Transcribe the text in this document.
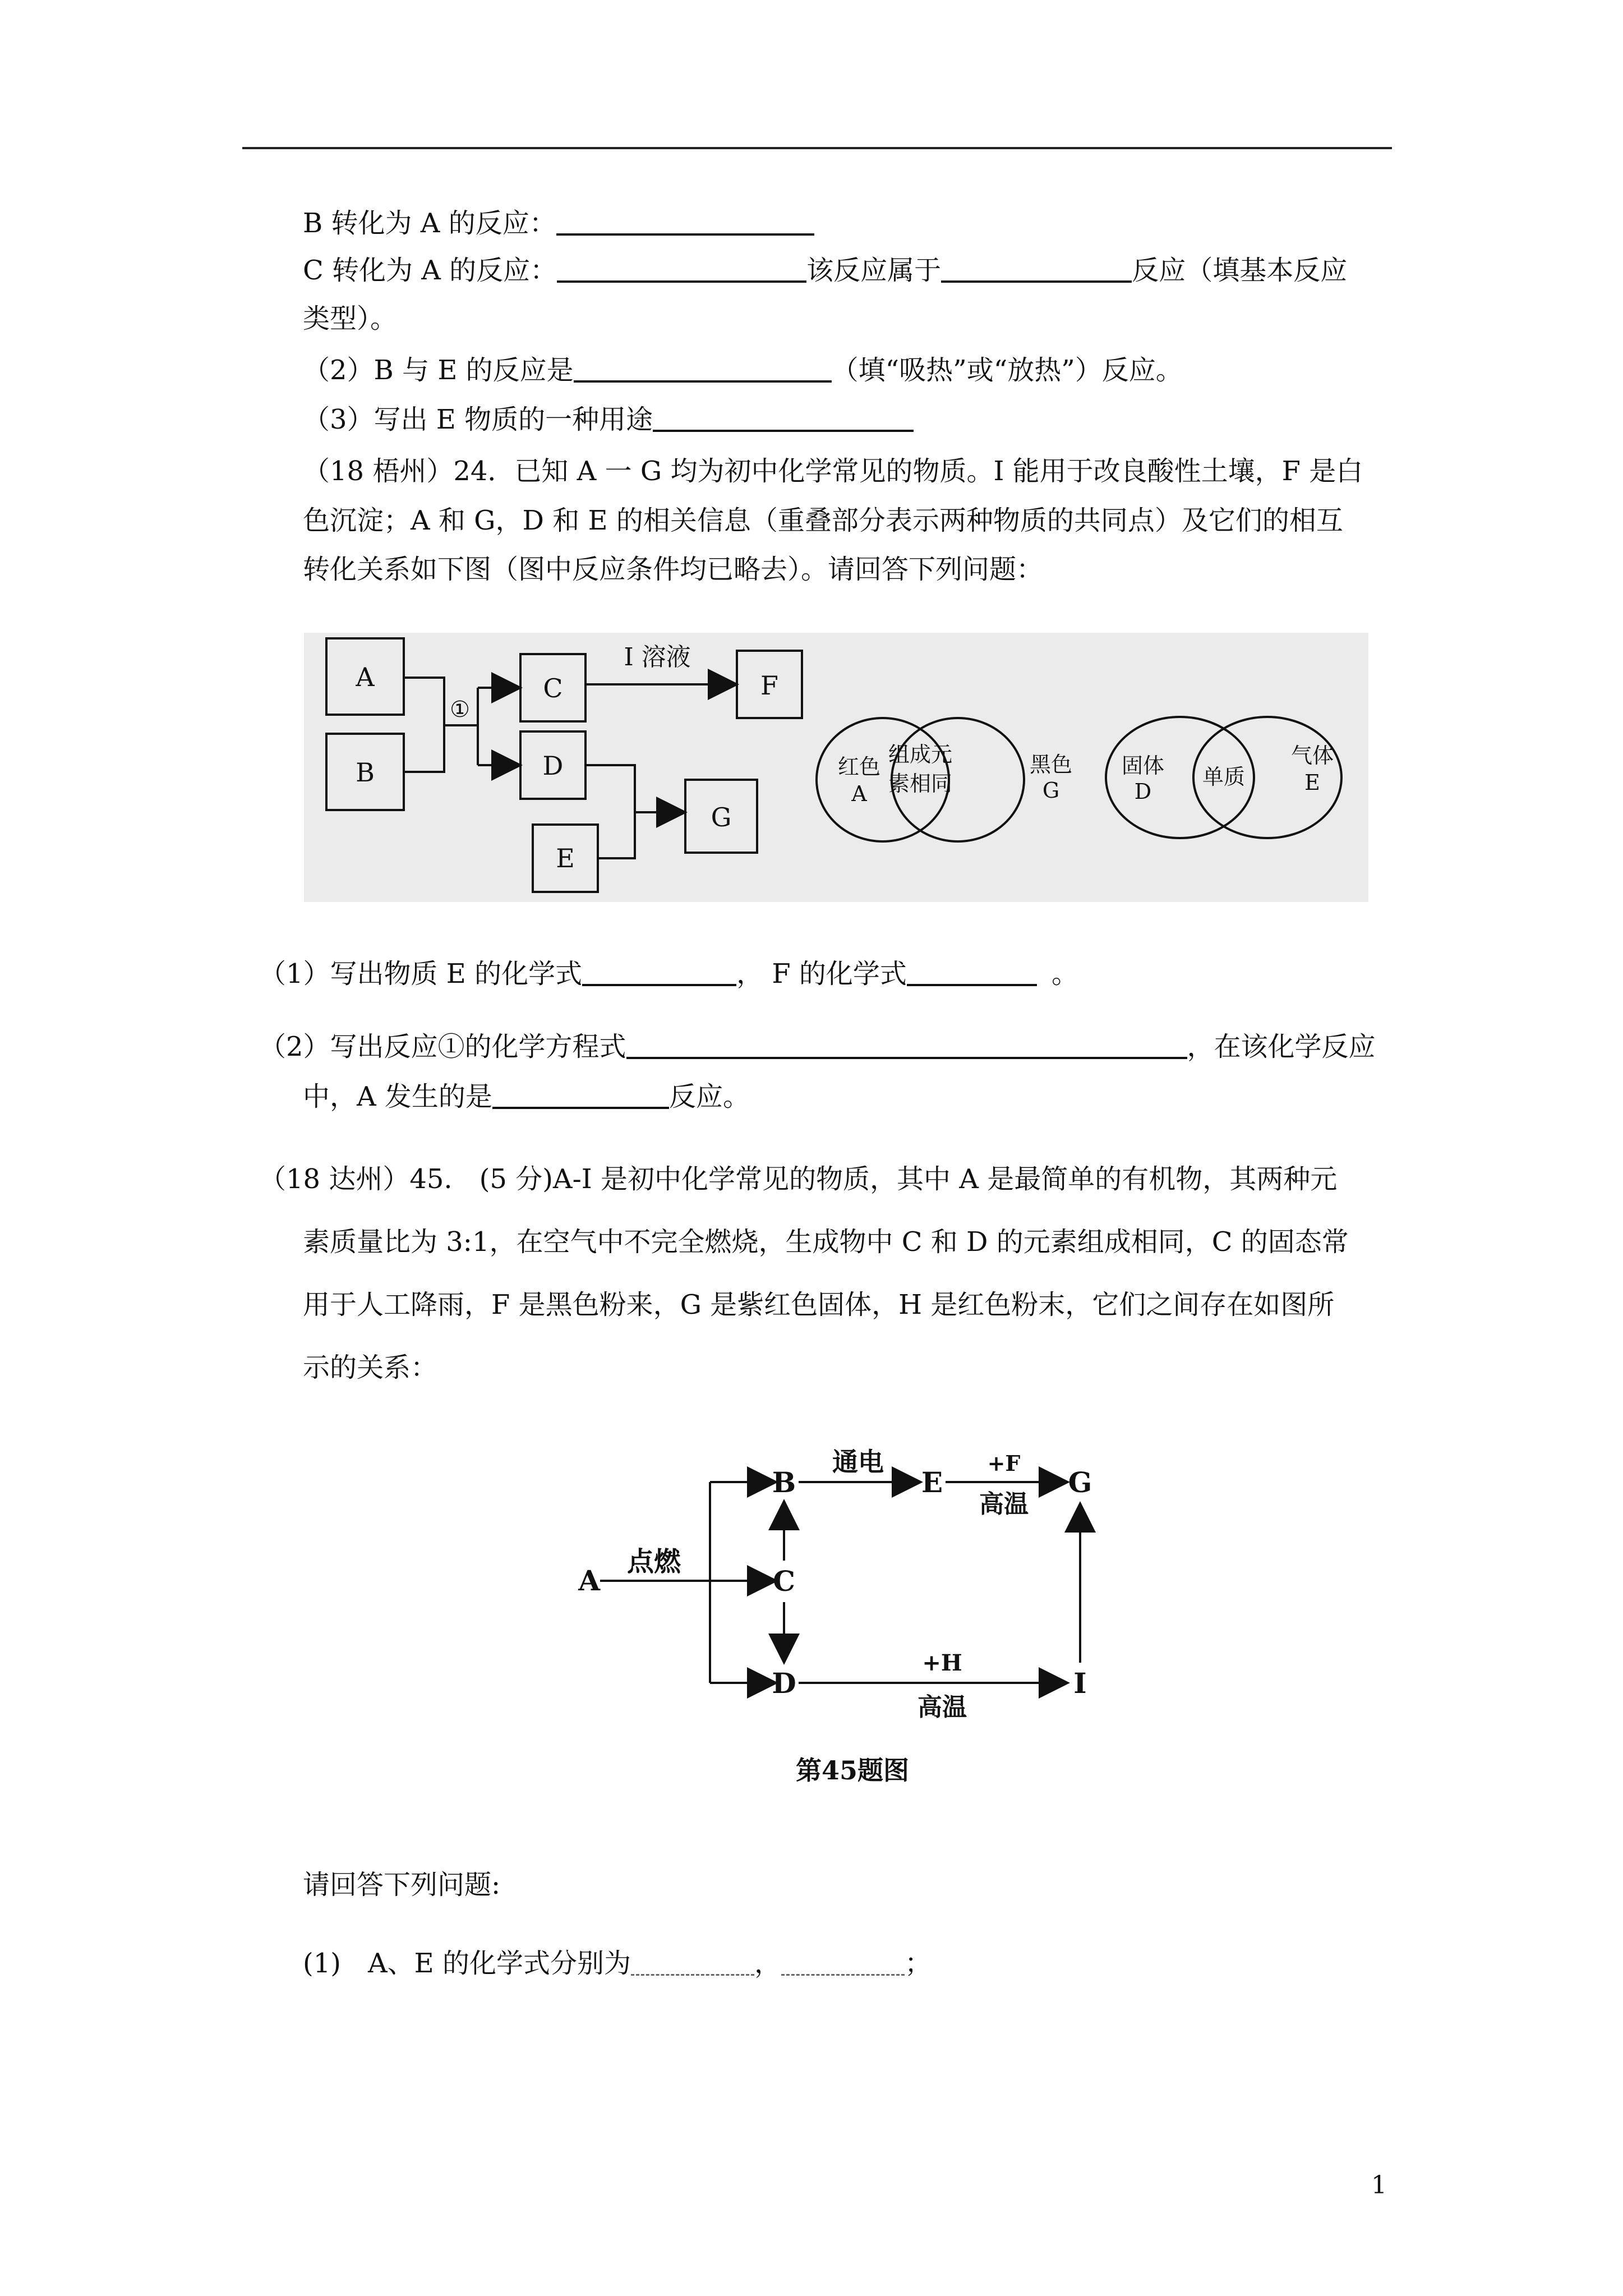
B 转化为 A 的反应：
C 转化为 A 的反应：	该反应属于	反应（填基本反应
类型）。
（2）B 与 E 的反应是	（填“吸热”或“放热”）反应。
（3）写出 E 物质的一种用途
（18 梧州）24．已知 A 一 G 均为初中化学常见的物质。I 能用于改良酸性土壤，F 是白
色沉淀；A 和 G，D 和 E 的相关信息（重叠部分表示两种物质的共同点）及它们的相互
转化关系如下图（图中反应条件均已略去）。请回答下列问题：
A
B
C
D
E
F
G
①
I 溶液
红色
A
组成元
素相同
黑色
G
固体
D
单质
气体
E
（1）写出物质 E 的化学式	， F 的化学式	。
（2）写出反应①的化学方程式	，在该化学反应
中，A 发生的是	反应。
（18 达州）45.　(5 分)A-I 是初中化学常见的物质，其中 A 是最简单的有机物，其两种元
素质量比为 3:1，在空气中不完全燃烧，生成物中 C 和 D 的元素组成相同，C 的固态常
用于人工降雨，F 是黑色粉来，G 是紫红色固体，H 是红色粉末，它们之间存在如图所
示的关系：
点燃
A
B
C
D
通电
E
+F
高温
G
+H
高温
I
第45题图
请回答下列问题:
(1)　A、E 的化学式分别为	，	；
1
